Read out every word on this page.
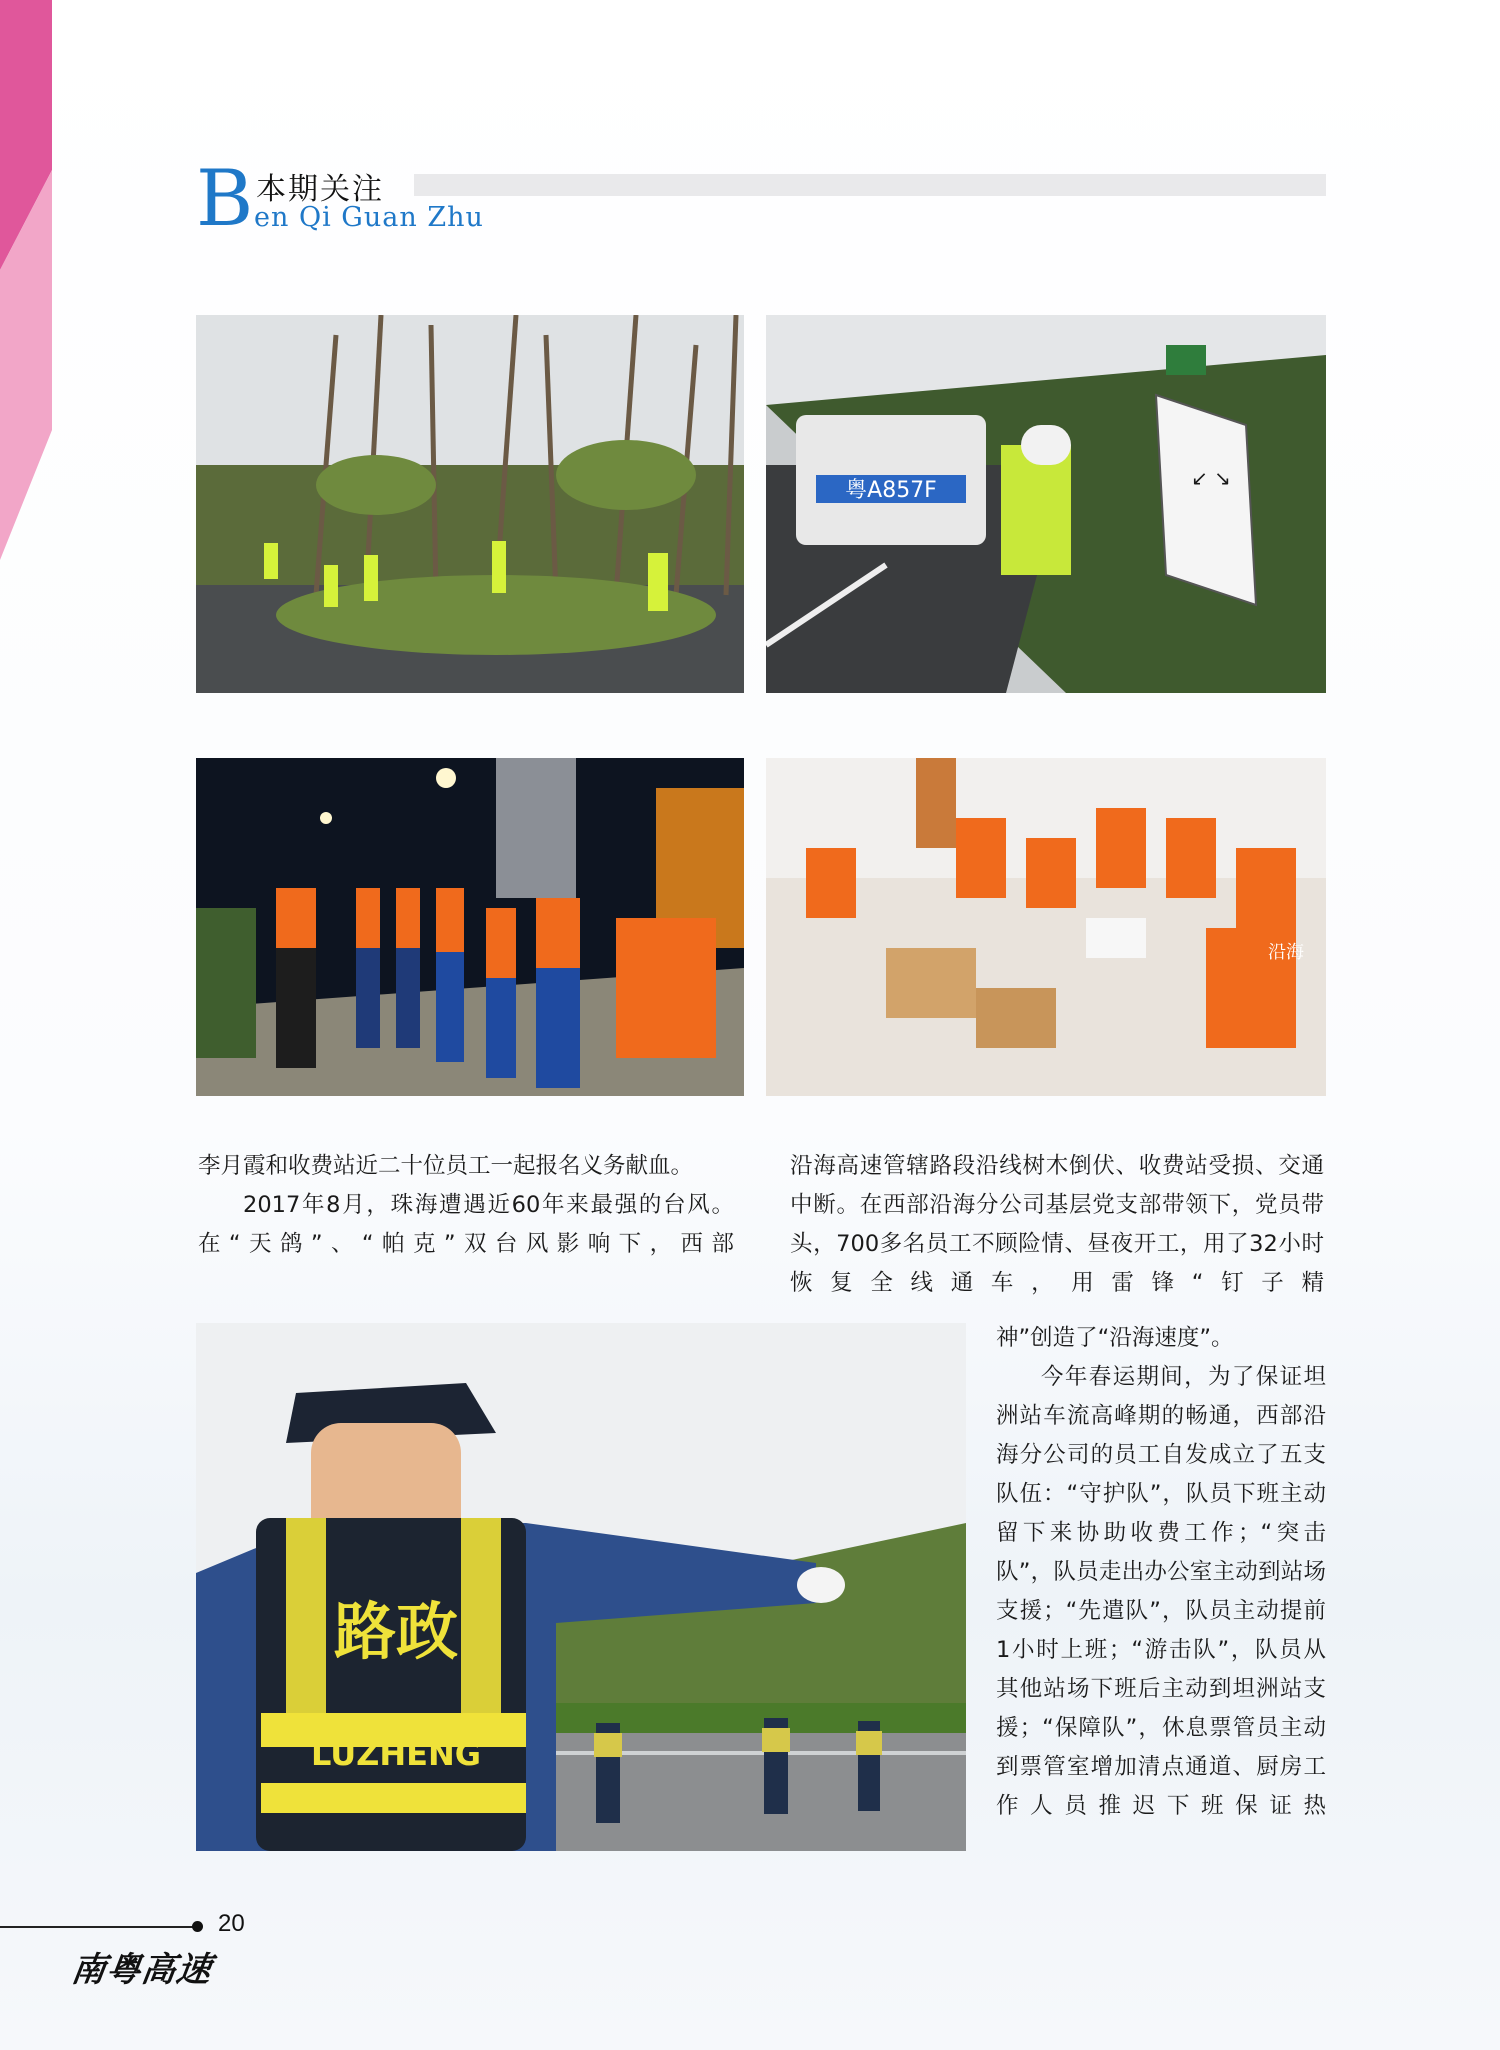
B 本期关注
en Qi Guan Zhu
粤A857F	↙ ↘
沿海
路政
LUZHENG

李月霞和收费站近二十位员工一起报名义务献血。

2017年8月，珠海遭遇近60年来最强的台风。在“天鸽”、“帕克”双台风影响下，西部

沿海高速管辖路段沿线树木倒伏、收费站受损、交通中断。在西部沿海分公司基层党支部带领下，党员带头，700多名员工不顾险情、昼夜开工，用了32小时恢复全线通车，用雷锋“钉子精

神”创造了“沿海速度”。

今年春运期间，为了保证坦洲站车流高峰期的畅通，西部沿海分公司的员工自发成立了五支队伍：“守护队”，队员下班主动留下来协助收费工作；“突击队”，队员走出办公室主动到站场支援；“先遣队”，队员主动提前1小时上班；“游击队”，队员从其他站场下班后主动到坦洲站支援；“保障队”，休息票管员主动到票管室增加清点通道、厨房工作人员推迟下班保证热

20
南粤高速
